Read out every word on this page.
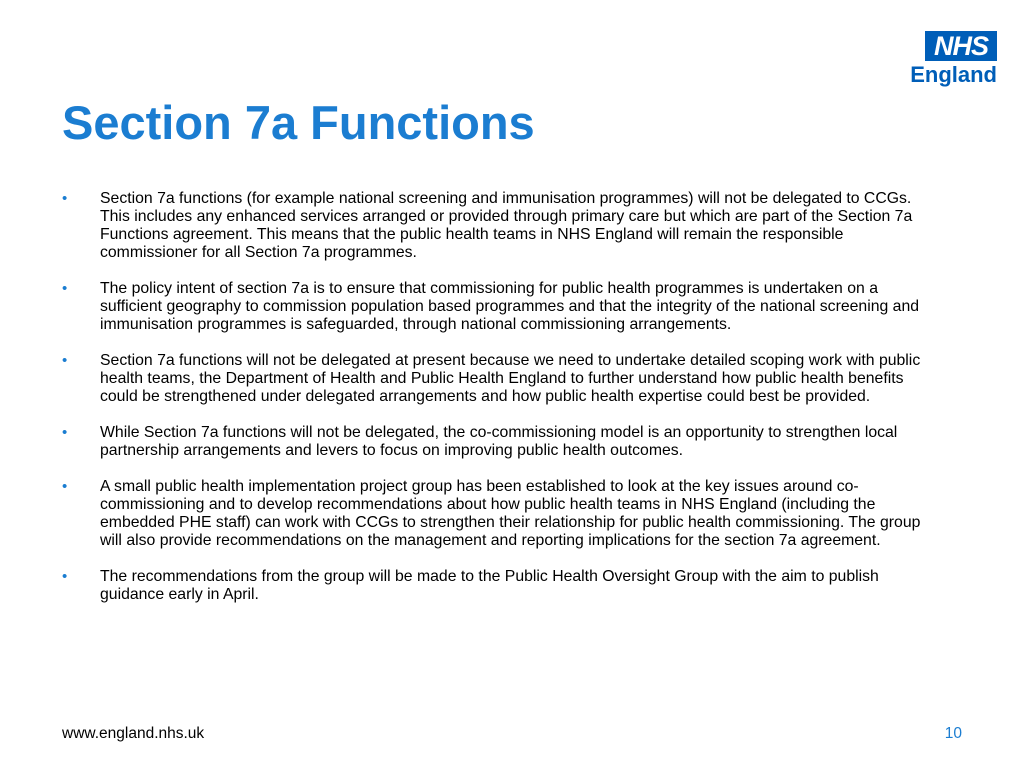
NHS
England
Section 7a Functions
• Section 7a functions (for example national screening and immunisation programmes) will not be delegated to CCGs. This includes any enhanced services arranged or provided through primary care but which are part of the Section 7a Functions agreement. This means that the public health teams in NHS England will remain the responsible commissioner for all Section 7a programmes.
• The policy intent of section 7a is to ensure that commissioning for public health programmes is undertaken on a sufficient geography to commission population based programmes and that the integrity of the national screening and immunisation programmes is safeguarded, through national commissioning arrangements.
• Section 7a functions will not be delegated at present because we need to undertake detailed scoping work with public health teams, the Department of Health and Public Health England to further understand how public health benefits could be strengthened under delegated arrangements and how public health expertise could best be provided.
• While Section 7a functions will not be delegated, the co-commissioning model is an opportunity to strengthen local partnership arrangements and levers to focus on improving public health outcomes.
• A small public health implementation project group has been established to look at the key issues around co-commissioning and to develop recommendations about how public health teams in NHS England (including the embedded PHE staff) can work with CCGs to strengthen their relationship for public health commissioning. The group will also provide recommendations on the management and reporting implications for the section 7a agreement.
• The recommendations from the group will be made to the Public Health Oversight Group with the aim to publish guidance early in April.
www.england.nhs.uk	10
